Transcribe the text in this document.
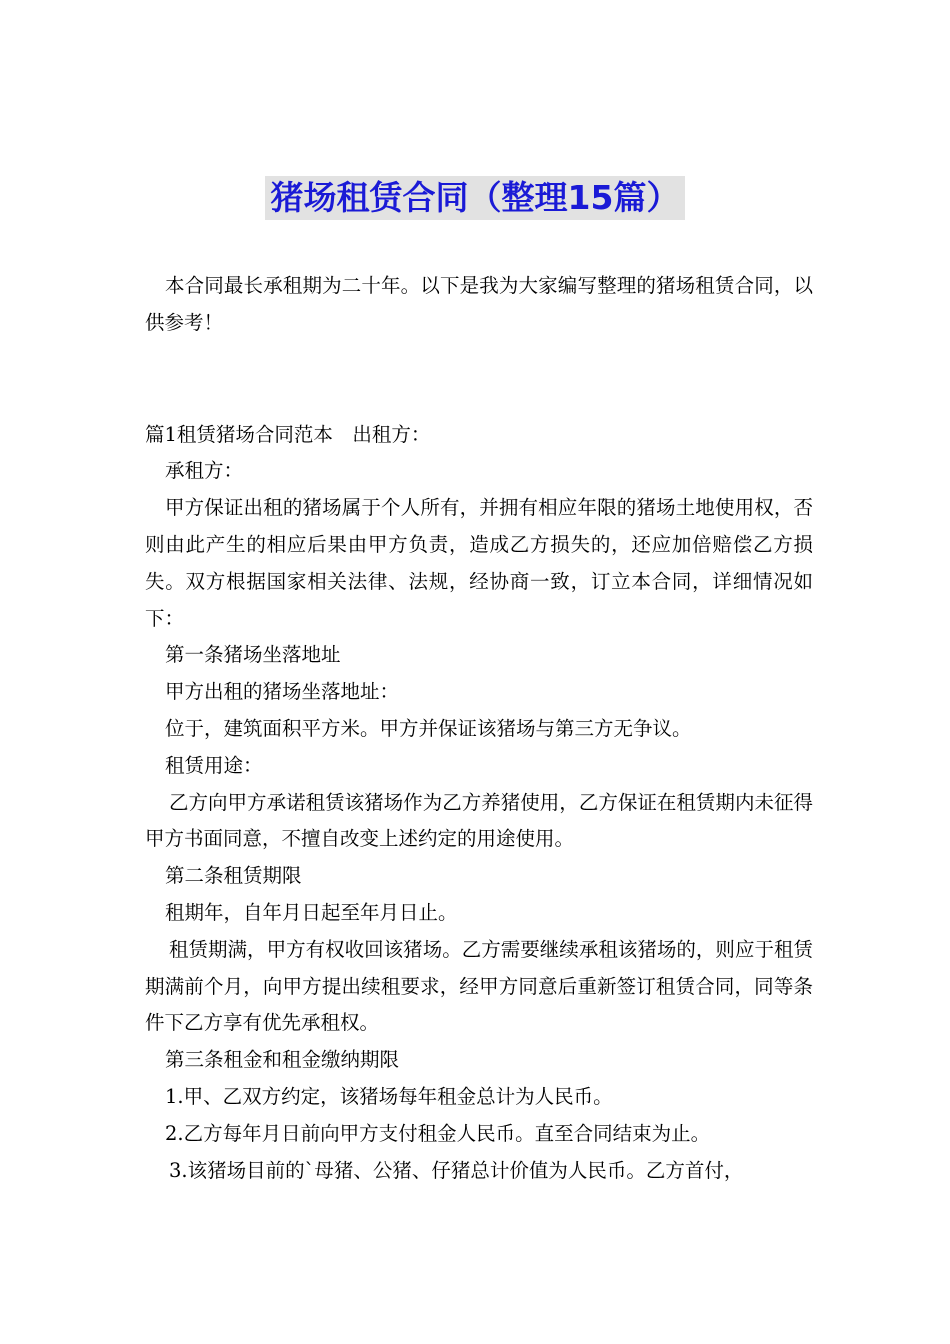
猪场租赁合同（整理15篇）

本合同最长承租期为二十年。以下是我为大家编写整理的猪场租赁合同，以供参考！

篇1租赁猪场合同范本　出租方：

承租方：

甲方保证出租的猪场属于个人所有，并拥有相应年限的猪场土地使用权，否则由此产生的相应后果由甲方负责，造成乙方损失的，还应加倍赔偿乙方损失。双方根据国家相关法律、法规，经协商一致，订立本合同，详细情况如下：

第一条猪场坐落地址

甲方出租的猪场坐落地址：

位于，建筑面积平方米。甲方并保证该猪场与第三方无争议。

租赁用途：

乙方向甲方承诺租赁该猪场作为乙方养猪使用，乙方保证在租赁期内未征得甲方书面同意，不擅自改变上述约定的用途使用。

第二条租赁期限

租期年，自年月日起至年月日止。

租赁期满，甲方有权收回该猪场。乙方需要继续承租该猪场的，则应于租赁期满前个月，向甲方提出续租要求，经甲方同意后重新签订租赁合同，同等条件下乙方享有优先承租权。

第三条租金和租金缴纳期限

1.甲、乙双方约定，该猪场每年租金总计为人民币。

2.乙方每年月日前向甲方支付租金人民币。直至合同结束为止。

3.该猪场目前的`母猪、公猪、仔猪总计价值为人民币。乙方首付，
